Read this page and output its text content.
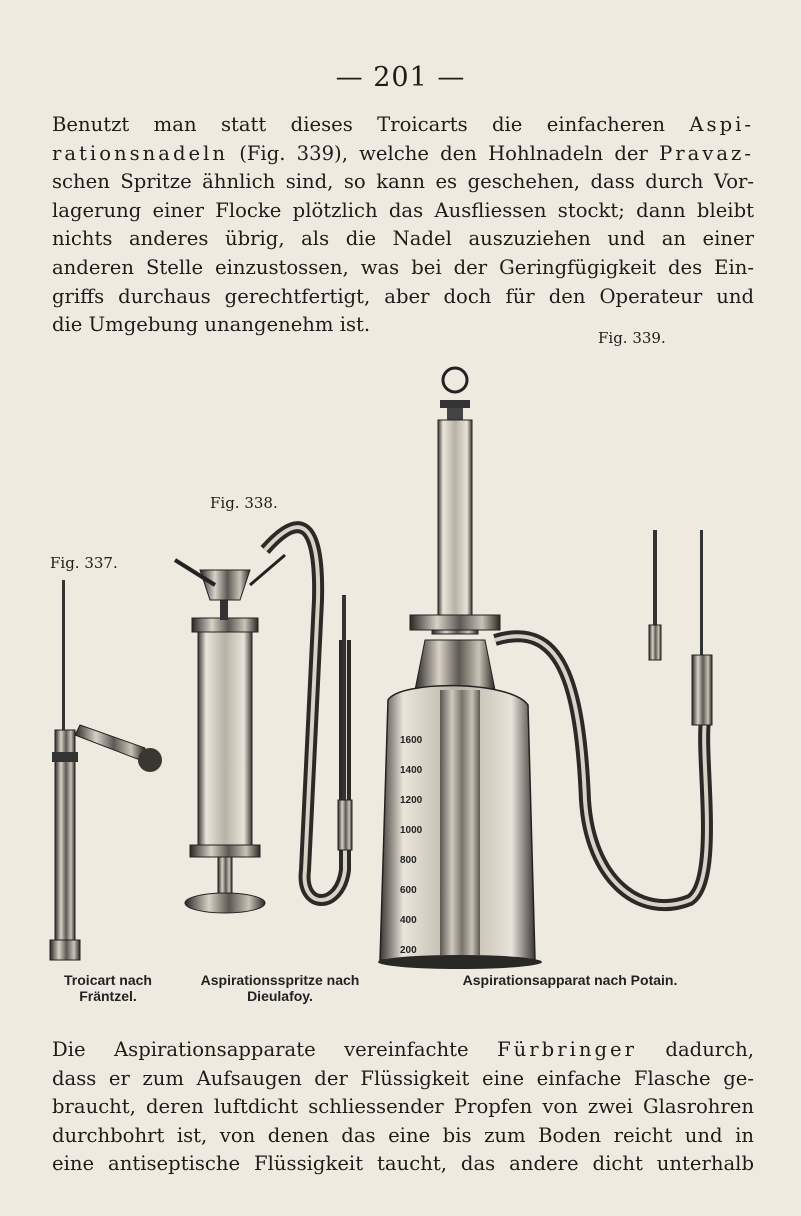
— 201 —

Benutzt man statt dieses Troicarts die einfacheren Aspi-
rationsnadeln (Fig. 339), welche den Hohlnadeln der Pravaz-
schen Spritze ähnlich sind, so kann es geschehen, dass durch Vor-
lagerung einer Flocke plötzlich das Ausfliessen stockt; dann bleibt
nichts anderes übrig, als die Nadel auszuziehen und an einer
anderen Stelle einzustossen, was bei der Geringfügigkeit des Ein-
griffs durchaus gerechtfertigt, aber doch für den Operateur und
die Umgebung unangenehm ist.

Fig. 339.
Fig. 338.
Fig. 337.
1600
1400
1200
1000
800
600
400
200
Troicart nach
Fräntzel.
Aspirationsspritze nach
Dieulafoy.
Aspirationsapparat nach Potain.

Die Aspirationsapparate vereinfachte Fürbringer dadurch,
dass er zum Aufsaugen der Flüssigkeit eine einfache Flasche ge-
braucht, deren luftdicht schliessender Propfen von zwei Glasrohren
durchbohrt ist, von denen das eine bis zum Boden reicht und in
eine antiseptische Flüssigkeit taucht, das andere dicht unterhalb
